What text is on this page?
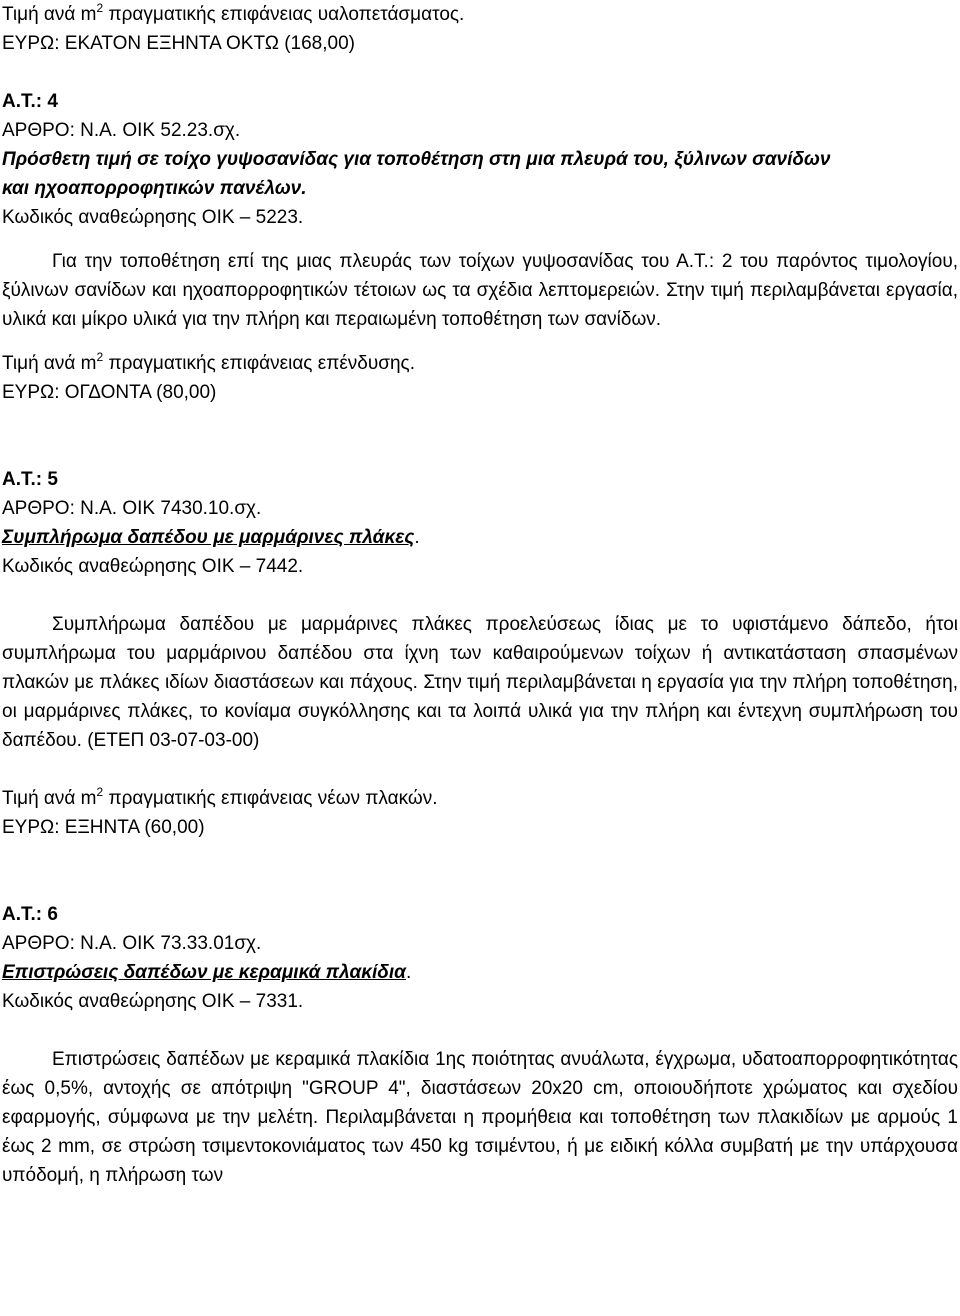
Τιμή ανά $m^2$ πραγματικής επιφάνειας υαλοπετάσματος.
ΕΥΡΩ: ΕΚΑΤΟΝ ΕΞΗΝΤΑ ΟΚΤΩ (168,00)
Α.Τ.: 4
ΑΡΘΡΟ: Ν.Α. ΟΙΚ 52.23.σχ.
Πρόσθετη τιμή σε τοίχο γυψοσανίδας για τοποθέτηση στη μια πλευρά του, ξύλινων σανίδων
και ηχοαπορροφητικών πανέλων.
Κωδικός αναθεώρησης ΟΙΚ – 5223.

Για την τοποθέτηση επί της μιας πλευράς των τοίχων γυψοσανίδας του Α.Τ.: 2 του παρόντος τιμολογίου, ξύλινων σανίδων και ηχοαπορροφητικών τέτοιων ως τα σχέδια λεπτομερειών. Στην τιμή περιλαμβάνεται εργασία, υλικά και μίκρο υλικά για την πλήρη και περαιωμένη τοποθέτηση των σανίδων.

Τιμή ανά $m^2$ πραγματικής επιφάνειας επένδυσης.
ΕΥΡΩ: ΟΓΔΟΝΤΑ (80,00)
Α.Τ.: 5
ΑΡΘΡΟ: Ν.Α. ΟΙΚ 7430.10.σχ.
Συμπλήρωμα δαπέδου με μαρμάρινες πλάκες.
Κωδικός αναθεώρησης ΟΙΚ – 7442.

Συμπλήρωμα δαπέδου με μαρμάρινες πλάκες προελεύσεως ίδιας με το υφιστάμενο δάπεδο, ήτοι συμπλήρωμα του μαρμάρινου δαπέδου στα ίχνη των καθαιρούμενων τοίχων ή αντικατάσταση σπασμένων πλακών με πλάκες ιδίων διαστάσεων και πάχους. Στην τιμή περιλαμβάνεται η εργασία για την πλήρη τοποθέτηση, οι μαρμάρινες πλάκες, το κονίαμα συγκόλλησης και τα λοιπά υλικά για την πλήρη και έντεχνη συμπλήρωση του δαπέδου. (ΕΤΕΠ 03-07-03-00)

Τιμή ανά $m^2$ πραγματικής επιφάνειας νέων πλακών.
ΕΥΡΩ: ΕΞΗΝΤΑ (60,00)
Α.Τ.: 6
ΑΡΘΡΟ: Ν.Α. ΟΙΚ 73.33.01σχ.
Επιστρώσεις δαπέδων με κεραμικά πλακίδια.
Κωδικός αναθεώρησης ΟΙΚ – 7331.

Επιστρώσεις δαπέδων με κεραμικά πλακίδια 1ης ποιότητας ανυάλωτα, έγχρωμα, υδατοαπορροφητικότητας έως 0,5%, αντοχής σε απότριψη "GROUP 4", διαστάσεων 20x20 cm, οποιουδήποτε χρώματος και σχεδίου εφαρμογής, σύμφωνα με την μελέτη. Περιλαμβάνεται η προμήθεια και τοποθέτηση των πλακιδίων με αρμούς 1 έως 2 mm, σε στρώση τσιμεντοκονιάματος των 450 kg τσιμέντου, ή με ειδική κόλλα συμβατή με την υπάρχουσα υπόδομή, η πλήρωση των
